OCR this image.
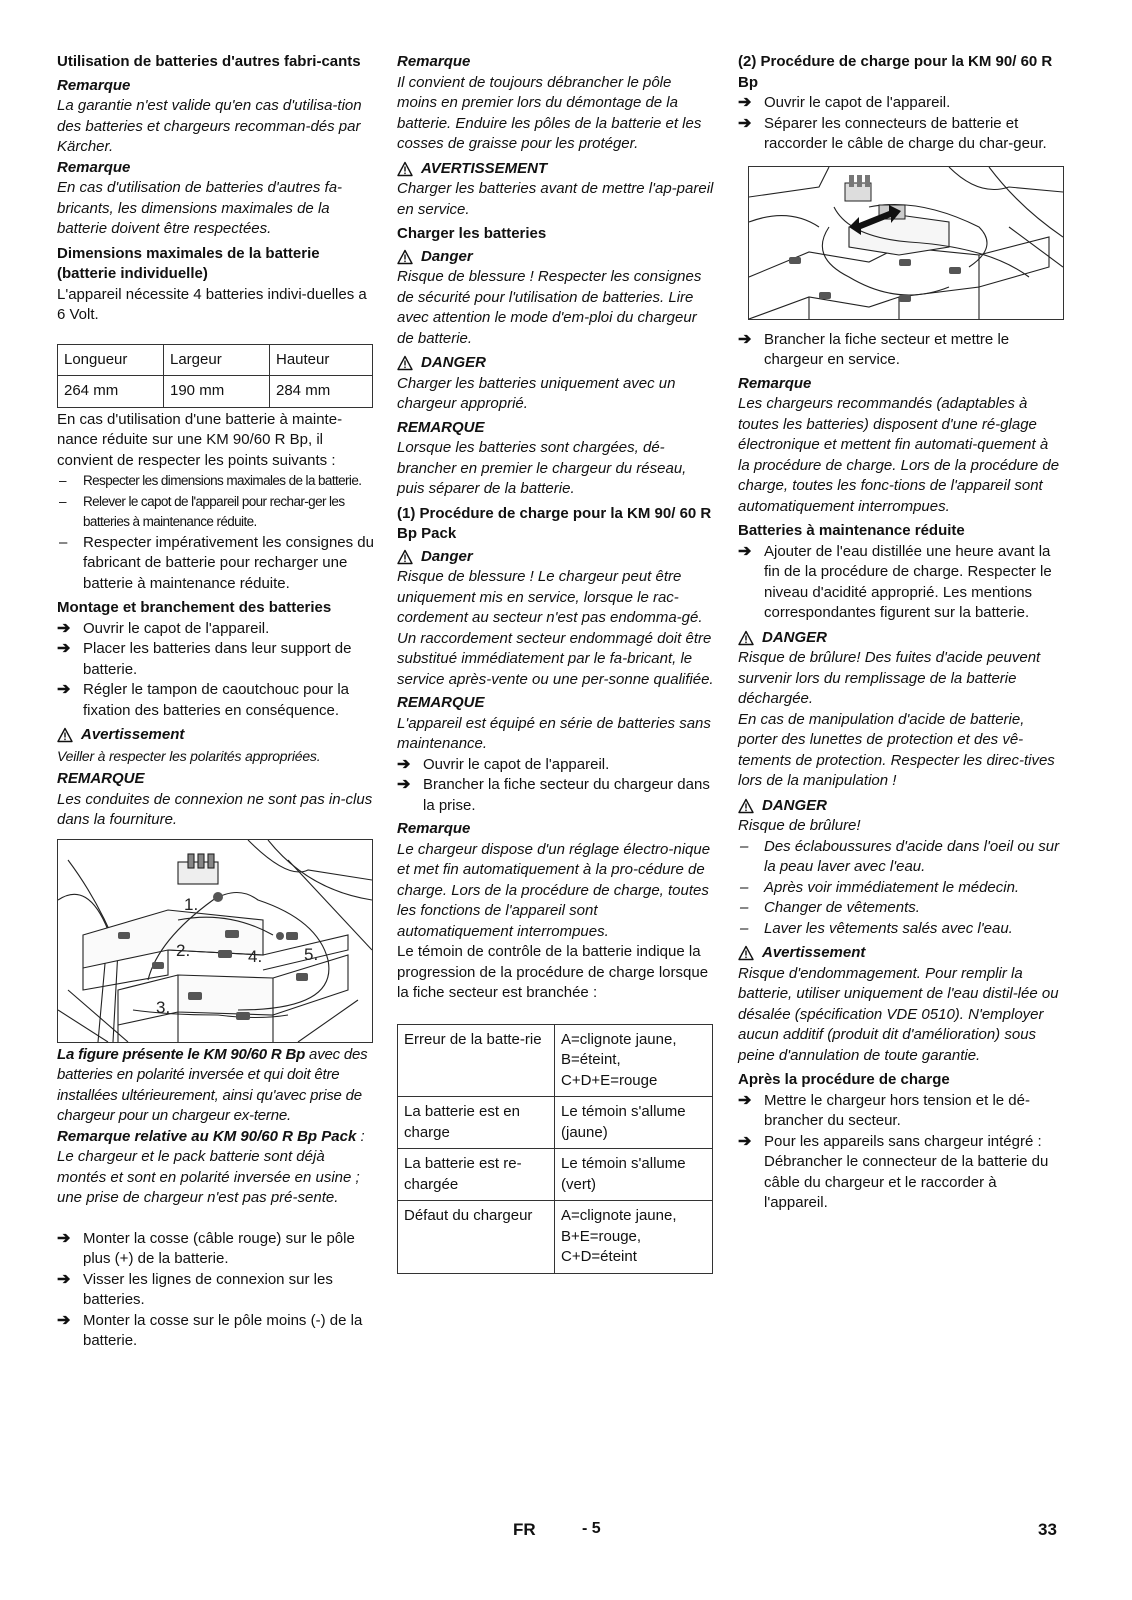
Utilisation de batteries d'autres fabri-cants

Remarque

La garantie n'est valide qu'en cas d'utilisa-tion des batteries et chargeurs recomman-dés par Kärcher.

Remarque

En cas d'utilisation de batteries d'autres fa-bricants, les dimensions maximales de la batterie doivent être respectées.

Dimensions maximales de la batterie (batterie individuelle)

L'appareil nécessite 4 batteries indivi-duelles a 6 Volt.

Longueur	Largeur	Hauteur
264 mm	190 mm	284 mm

En cas d'utilisation d'une batterie à mainte-nance réduite sur une KM 90/60 R Bp, il convient de respecter les points suivants :

– Respecter les dimensions maximales de la batterie.
– Relever le capot de l'appareil pour rechar-ger les batteries à maintenance réduite.
– Respecter impérativement les consignes du fabricant de batterie pour recharger une batterie à maintenance réduite.

Montage et branchement des batteries

➔ Ouvrir le capot de l'appareil.
➔ Placer les batteries dans leur support de batterie.
➔ Régler le tampon de caoutchouc pour la fixation des batteries en conséquence.
Avertissement

Veiller à respecter les polarités appropriées.

REMARQUE

Les conduites de connexion ne sont pas in-clus dans la fourniture.

1.
2.
3.
4. 5.

La figure présente le KM 90/60 R Bp avec des batteries en polarité inversée et qui doit être installées ultérieurement, ainsi qu'avec prise de chargeur pour un chargeur ex-terne.

Remarque relative au KM 90/60 R Bp Pack : Le chargeur et le pack batterie sont déjà montés et sont en polarité inversée en usine ; une prise de chargeur n'est pas pré-sente.

➔ Monter la cosse (câble rouge) sur le pôle plus (+) de la batterie.
➔ Visser les lignes de connexion sur les batteries.
➔ Monter la cosse sur le pôle moins (-) de la batterie.

Remarque

Il convient de toujours débrancher le pôle moins en premier lors du démontage de la batterie. Enduire les pôles de la batterie et les cosses de graisse pour les protéger.

AVERTISSEMENT

Charger les batteries avant de mettre l'ap-pareil en service.

Charger les batteries

Danger

Risque de blessure ! Respecter les consignes de sécurité pour l'utilisation de batteries. Lire avec attention le mode d'em-ploi du chargeur de batterie.

DANGER

Charger les batteries uniquement avec un chargeur approprié.

REMARQUE

Lorsque les batteries sont chargées, dé-brancher en premier le chargeur du réseau, puis séparer de la batterie.

(1) Procédure de charge pour la KM 90/ 60 R Bp Pack

Danger

Risque de blessure ! Le chargeur peut être uniquement mis en service, lorsque le rac-cordement au secteur n'est pas endomma-gé. Un raccordement secteur endommagé doit être substitué immédiatement par le fa-bricant, le service après-vente ou une per-sonne qualifiée.

REMARQUE

L'appareil est équipé en série de batteries sans maintenance.

➔ Ouvrir le capot de l'appareil.
➔ Brancher la fiche secteur du chargeur dans la prise.

Remarque

Le chargeur dispose d'un réglage électro-nique et met fin automatiquement à la pro-cédure de charge. Lors de la procédure de charge, toutes les fonctions de l'appareil sont automatiquement interrompues.

Le témoin de contrôle de la batterie indique la progression de la procédure de charge lorsque la fiche secteur est branchée :

Erreur de la batte-rie	A=clignote jaune, B=éteint, C+D+E=rouge
La batterie est en charge	Le témoin s'allume (jaune)
La batterie est re-chargée	Le témoin s'allume (vert)
Défaut du chargeur	A=clignote jaune, B+E=rouge, C+D=éteint

(2) Procédure de charge pour la KM 90/ 60 R Bp

➔ Ouvrir le capot de l'appareil.
➔ Séparer les connecteurs de batterie et raccorder le câble de charge du char-geur.
➔ Brancher la fiche secteur et mettre le chargeur en service.

Remarque

Les chargeurs recommandés (adaptables à toutes les batteries) disposent d'une ré-glage électronique et mettent fin automati-quement à la procédure de charge. Lors de la procédure de charge, toutes les fonc-tions de l'appareil sont automatiquement interrompues.

Batteries à maintenance réduite

➔ Ajouter de l'eau distillée une heure avant la fin de la procédure de charge. Respecter le niveau d'acidité approprié. Les mentions correspondantes figurent sur la batterie.
DANGER

Risque de brûlure! Des fuites d'acide peuvent survenir lors du remplissage de la batterie déchargée.

En cas de manipulation d'acide de batterie, porter des lunettes de protection et des vê-tements de protection. Respecter les direc-tives lors de la manipulation !

DANGER

Risque de brûlure!

– Des éclaboussures d'acide dans l'oeil ou sur la peau laver avec l'eau.
– Après voir immédiatement le médecin.
– Changer de vêtements.
– Laver les vêtements salés avec l'eau.
Avertissement

Risque d'endommagement. Pour remplir la batterie, utiliser uniquement de l'eau distil-lée ou désalée (spécification VDE 0510). N'employer aucun additif (produit dit d'amélioration) sous peine d'annulation de toute garantie.

Après la procédure de charge

➔ Mettre le chargeur hors tension et le dé-brancher du secteur.
➔ Pour les appareils sans chargeur intégré : Débrancher le connecteur de la batterie du câble du chargeur et le raccorder à l'appareil.
FR	- 5	33
